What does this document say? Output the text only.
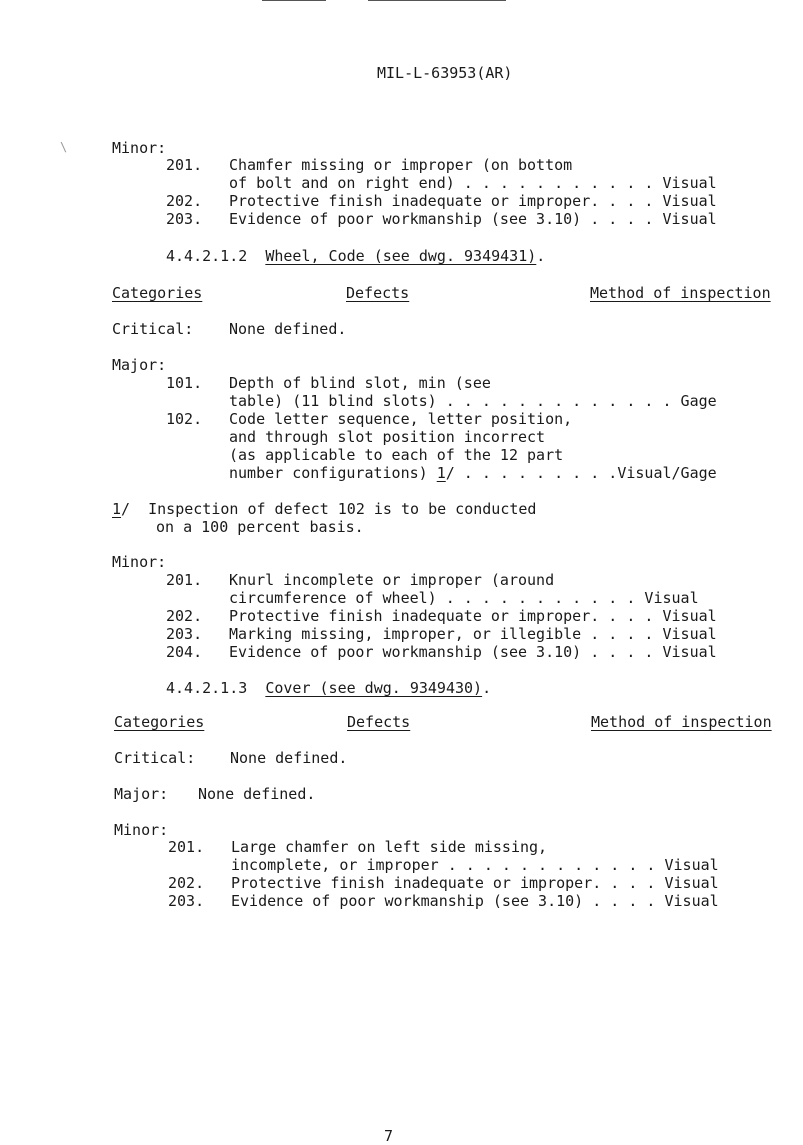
\
MIL-L-63953(AR)
Minor:
201. Chamfer missing or improper (on bottom
of bolt and on right end) . . . . . . . . . . . Visual
202. Protective finish inadequate or improper. . . . Visual
203. Evidence of poor workmanship (see 3.10) . . . . Visual
4.4.2.1.2 Wheel, Code (see dwg. 9349431).
Categories	Defects	Method of inspection
Critical: None defined.
Major:
101. Depth of blind slot, min (see
table) (11 blind slots) . . . . . . . . . . . . . Gage
102. Code letter sequence, letter position,
and through slot position incorrect
(as applicable to each of the 12 part
number configurations) 1/ . . . . . . . . .Visual/Gage
1/  Inspection of defect 102 is to be conducted
on a 100 percent basis.
Minor:
201. Knurl incomplete or improper (around
circumference of wheel) . . . . . . . . . . . Visual
202. Protective finish inadequate or improper. . . . Visual
203. Marking missing, improper, or illegible . . . . Visual
204. Evidence of poor workmanship (see 3.10) . . . . Visual
4.4.2.1.3 Cover (see dwg. 9349430).
Categories	Defects	Method of inspection
Critical: None defined.
Major: None defined.
Minor:
201. Large chamfer on left side missing,
incomplete, or improper . . . . . . . . . . . . Visual
202. Protective finish inadequate or improper. . . . Visual
203. Evidence of poor workmanship (see 3.10) . . . . Visual
7
